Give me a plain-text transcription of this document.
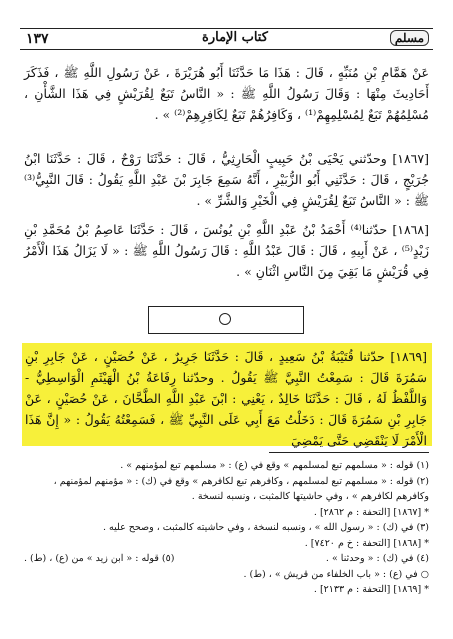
مسلم
كتاب الإمارة
١٣٧

عَنْ هَمَّامِ بْنِ مُنَبِّهٍ ، قَالَ : هَذَا مَا حَدَّثَنَا أَبُو هُرَيْرَةَ ، عَنْ رَسُولِ اللَّهِ ﷺ ، فَذَكَرَ أَحَادِيثَ مِنْهَا : وَقَالَ رَسُولُ اللَّهِ ﷺ : « النَّاسُ تَبَعٌ لِقُرَيْشٍ فِي هَذَا الشَّأْنِ ، مُسْلِمُهُمْ تَبَعٌ لِمُسْلِمِهِمْ⁽¹⁾ ، وَكَافِرُهُمْ تَبَعٌ لِكَافِرِهِمْ⁽²⁾ » .

[١٨٦٧] وحدّثني يَحْيَى بْنُ حَبِيبٍ الْحَارِثِيُّ ، قَالَ : حَدَّثَنَا رَوْحٌ ، قَالَ : حَدَّثَنَا ابْنُ جُرَيْجٍ ، قَالَ : حَدَّثَنِي أَبُو الزُّبَيْرِ ، أَنَّهُ سَمِعَ جَابِرَ بْنَ عَبْدِ اللَّهِ يَقُولُ : قَالَ النَّبِيُّ⁽³⁾ ﷺ : « النَّاسُ تَبَعٌ لِقُرَيْشٍ فِي الْخَيْرِ وَالشَّرِّ » .

[١٨٦٨] حدّثنا⁽⁴⁾ أَحْمَدُ بْنُ عَبْدِ اللَّهِ بْنِ يُونُسَ ، قَالَ : حَدَّثَنَا عَاصِمُ بْنُ مُحَمَّدِ بْنِ زَيْدٍ⁽⁵⁾ ، عَنْ أَبِيهِ ، قَالَ : قَالَ عَبْدُ اللَّهِ : قَالَ رَسُولُ اللَّهِ ﷺ : « لَا يَزَالُ هَذَا الْأَمْرُ فِي قُرَيْشٍ مَا بَقِيَ مِنَ النَّاسِ اثْنَانِ » .

[١٨٦٩] حدّثنا قُتَيْبَةُ بْنُ سَعِيدٍ ، قَالَ : حَدَّثَنَا جَرِيرٌ ، عَنْ حُصَيْنٍ ، عَنْ جَابِرِ بْنِ سَمُرَةَ قَالَ : سَمِعْتُ النَّبِيَّ ﷺ يَقُولُ . وحدّثنا رِفَاعَةُ بْنُ الْهَيْثَمِ الْوَاسِطِيُّ - وَاللَّفْظُ لَهُ ، قَالَ : حَدَّثَنَا خَالِدٌ ، يَعْنِي : ابْنَ عَبْدِ اللَّهِ الطَّحَّانَ ، عَنْ حُصَيْنٍ ، عَنْ جَابِرِ بْنِ سَمُرَةَ قَالَ : دَخَلْتُ مَعَ أَبِي عَلَى النَّبِيِّ ﷺ ، فَسَمِعْتُهُ يَقُولُ : « إِنَّ هَذَا الْأَمْرَ لَا يَنْقَضِي حَتَّى يَمْضِيَ

(١) قوله : « مسلمهم تبع لمسلمهم » وقع في (ع) : « مسلمهم تبع لمؤمنهم » .

(٢) قوله : « مسلمهم تبع لمسلمهم ، وكافرهم تبع لكافرهم » وقع في (ك) : « مؤمنهم لمؤمنهم ، وكافرهم لكافرهم » ، وفي حاشيتها كالمثبت ، ونسبه لنسخة .

* [١٨٦٧] [التحفة : م ٢٨٦٢] .

(٣) في (ك) : « رسول الله » ، ونسبه لنسخة ، وفي حاشيته كالمثبت ، وصحح عليه .

* [١٨٦٨] [التحفة : خ م ٧٤٢٠] .

(٤) في (ك) : « وحدثنا » .
(٥) قوله : « ابن زيد » من (ع) ، (ط) .

○ في (ع) : « باب الخلفاء من قريش » ، (ط) .

* [١٨٦٩] [التحفة : م ٢١٣٣] .
